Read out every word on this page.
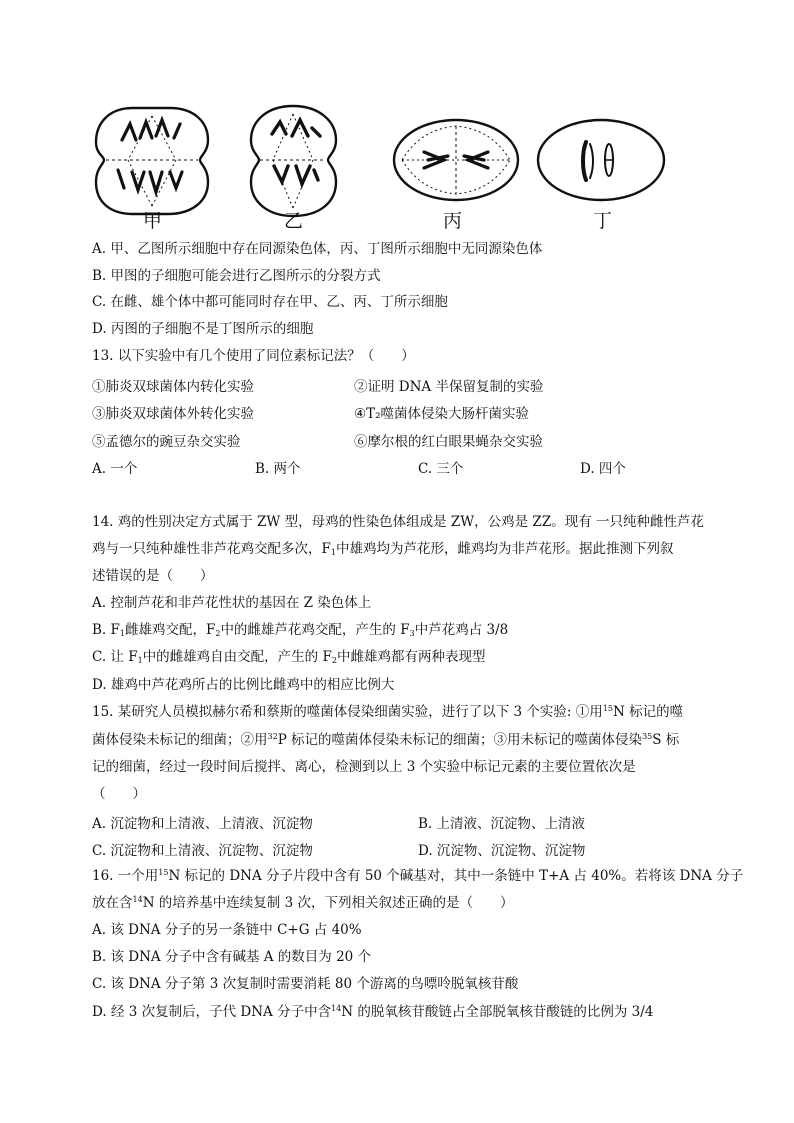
甲	乙	丙	丁
A. 甲、乙图所示细胞中存在同源染色体，丙、丁图所示细胞中无同源染色体
B. 甲图的子细胞可能会进行乙图所示的分裂方式
C. 在雌、雄个体中都可能同时存在甲、乙、丙、丁所示细胞
D. 丙图的子细胞不是丁图所示的细胞
13. 以下实验中有几个使用了同位素标记法？（　　）
①肺炎双球菌体内转化实验	②证明 DNA 半保留复制的实验
③肺炎双球菌体外转化实验	④T₂噬菌体侵染大肠杆菌实验
⑤孟德尔的豌豆杂交实验	⑥摩尔根的红白眼果蝇杂交实验
A. 一个	B. 两个	C. 三个	D. 四个
14. 鸡的性别决定方式属于 ZW 型，母鸡的性染色体组成是 ZW，公鸡是 ZZ。现有 一只纯种雌性芦花
鸡与一只纯种雄性非芦花鸡交配多次，$F_1$中雄鸡均为芦花形，雌鸡均为非芦花形。据此推测下列叙
述错误的是（　　）
A. 控制芦花和非芦花性状的基因在 Z 染色体上
B. $F_1$雌雄鸡交配，$F_2$中的雌雄芦花鸡交配，产生的 $F_3$中芦花鸡占 3/8
C. 让 $F_1$中的雌雄鸡自由交配，产生的 $F_2$中雌雄鸡都有两种表现型
D. 雄鸡中芦花鸡所占的比例比雌鸡中的相应比例大
15. 某研究人员模拟赫尔希和蔡斯的噬菌体侵染细菌实验，进行了以下 3 个实验: ①用$^{15}$N 标记的噬
菌体侵染未标记的细菌；②用$^{32}$P 标记的噬菌体侵染未标记的细菌；③用未标记的噬菌体侵染$^{35}$S 标
记的细菌，经过一段时间后搅拌、离心，检测到以上 3 个实验中标记元素的主要位置依次是
（　　）
A. 沉淀物和上清液、上清液、沉淀物	B. 上清液、沉淀物、上清液
C. 沉淀物和上清液、沉淀物、沉淀物	D. 沉淀物、沉淀物、沉淀物
16. 一个用$^{15}$N 标记的 DNA 分子片段中含有 50 个碱基对，其中一条链中 T+A 占 40%。若将该 DNA 分子
放在含$^{14}$N 的培养基中连续复制 3 次，下列相关叙述正确的是（　　）
A. 该 DNA 分子的另一条链中 C+G 占 40%
B. 该 DNA 分子中含有碱基 A 的数目为 20 个
C. 该 DNA 分子第 3 次复制时需要消耗 80 个游离的鸟嘌呤脱氧核苷酸
D. 经 3 次复制后，子代 DNA 分子中含$^{14}$N 的脱氧核苷酸链占全部脱氧核苷酸链的比例为 3/4
